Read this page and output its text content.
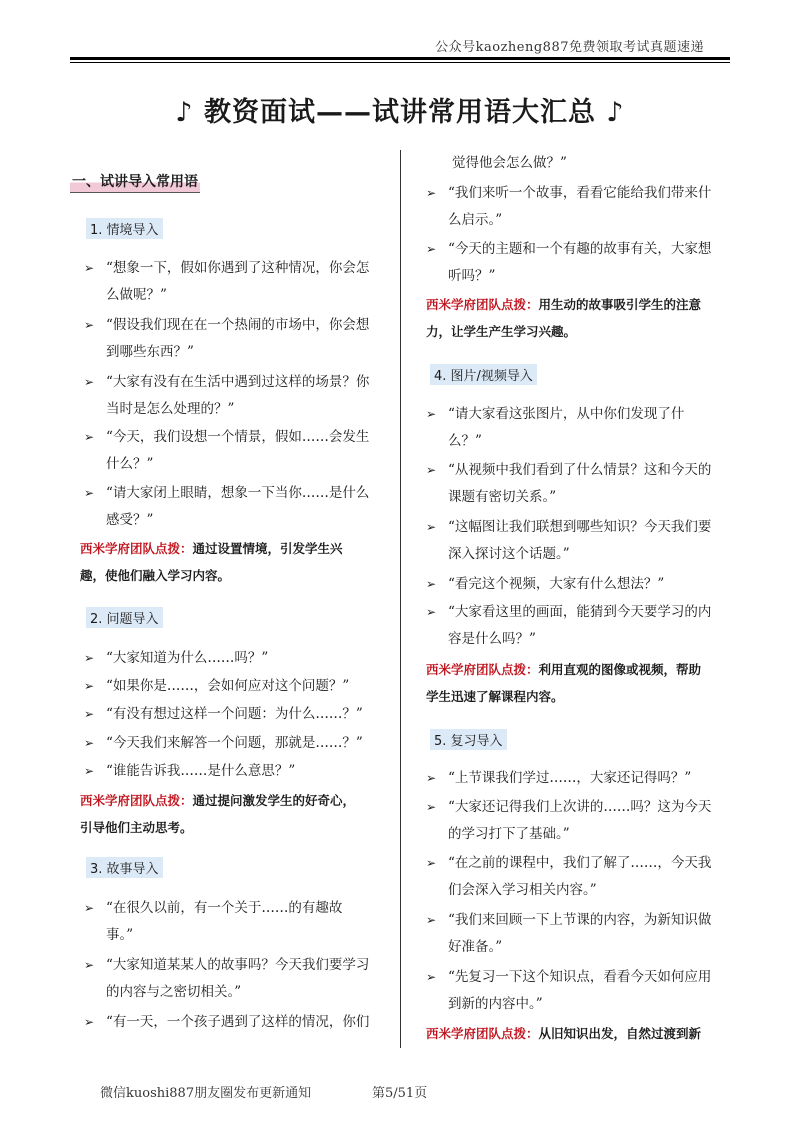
公众号kaozheng887免费领取考试真题速递
♪ 教资面试——试讲常用语大汇总 ♪
一、试讲导入常用语
1. 情境导入
➢ “想象一下，假如你遇到了这种情况，你会怎
么做呢？”
➢ “假设我们现在在一个热闹的市场中，你会想
到哪些东西？”
➢ “大家有没有在生活中遇到过这样的场景？你
当时是怎么处理的？”
➢ “今天，我们设想一个情景，假如……会发生
什么？”
➢ “请大家闭上眼睛，想象一下当你……是什么
感受？”
西米学府团队点拨：通过设置情境，引发学生兴
趣，使他们融入学习内容。
2. 问题导入
➢ “大家知道为什么……吗？”
➢ “如果你是……，会如何应对这个问题？”
➢ “有没有想过这样一个问题：为什么……？”
➢ “今天我们来解答一个问题，那就是……？”
➢ “谁能告诉我……是什么意思？”
西米学府团队点拨：通过提问激发学生的好奇心，
引导他们主动思考。
3. 故事导入
➢ “在很久以前，有一个关于……的有趣故
事。”
➢ “大家知道某某人的故事吗？今天我们要学习
的内容与之密切相关。”
➢ “有一天，一个孩子遇到了这样的情况，你们
觉得他会怎么做？”
➢ “我们来听一个故事，看看它能给我们带来什
么启示。”
➢ “今天的主题和一个有趣的故事有关，大家想
听吗？”
西米学府团队点拨：用生动的故事吸引学生的注意
力，让学生产生学习兴趣。
4. 图片/视频导入
➢ “请大家看这张图片，从中你们发现了什
么？”
➢ “从视频中我们看到了什么情景？这和今天的
课题有密切关系。”
➢ “这幅图让我们联想到哪些知识？今天我们要
深入探讨这个话题。”
➢ “看完这个视频，大家有什么想法？”
➢ “大家看这里的画面，能猜到今天要学习的内
容是什么吗？”
西米学府团队点拨：利用直观的图像或视频，帮助
学生迅速了解课程内容。
5. 复习导入
➢ “上节课我们学过……，大家还记得吗？”
➢ “大家还记得我们上次讲的……吗？这为今天
的学习打下了基础。”
➢ “在之前的课程中，我们了解了……，今天我
们会深入学习相关内容。”
➢ “我们来回顾一下上节课的内容，为新知识做
好准备。”
➢ “先复习一下这个知识点，看看今天如何应用
到新的内容中。”
西米学府团队点拨：从旧知识出发，自然过渡到新
微信kuoshi887朋友圈发布更新通知	第5/51页
